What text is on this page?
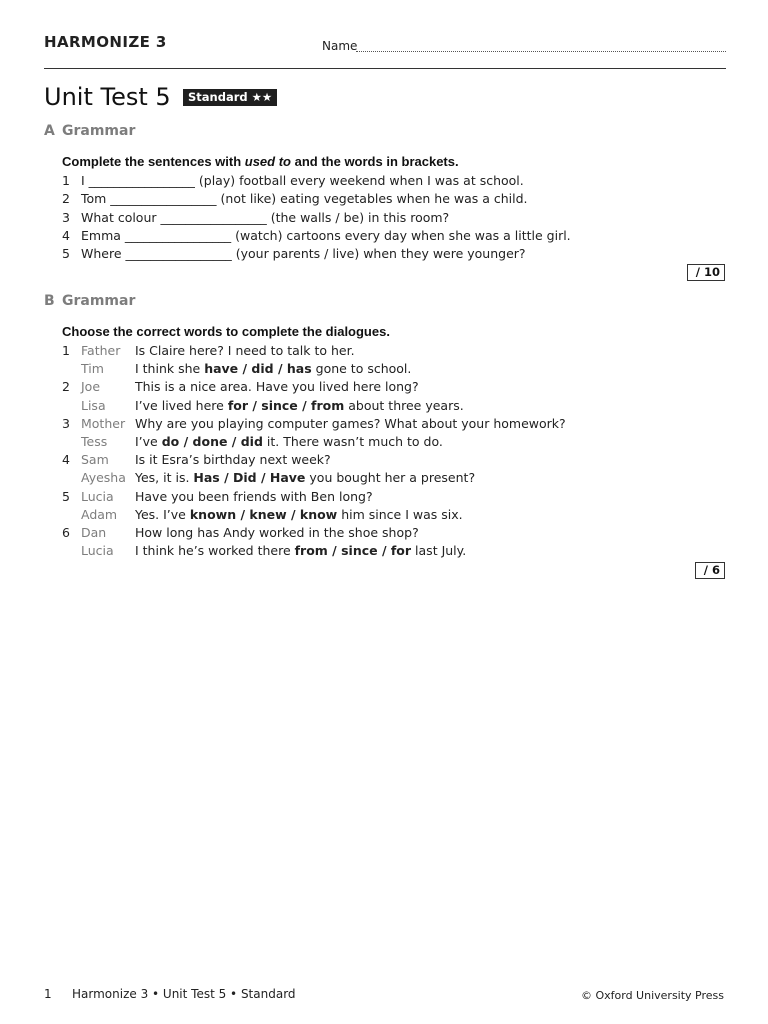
HARMONIZE 3	Name
Unit Test 5	Standard ★★
A Grammar
Complete the sentences with used to and the words in brackets.
1 I _________________ (play) football every weekend when I was at school.
2 Tom _________________ (not like) eating vegetables when he was a child.
3 What colour _________________ (the walls / be) in this room?
4 Emma _________________ (watch) cartoons every day when she was a little girl.
5 Where _________________ (your parents / live) when they were younger?
/ 10
B Grammar
Choose the correct words to complete the dialogues.
1 Father Is Claire here? I need to talk to her.
Tim I think she have / did / has gone to school.
2 Joe	This is a nice area. Have you lived here long?
Lisa I’ve lived here for / since / from about three years.
3 Mother Why are you playing computer games? What about your homework?
Tess I’ve do / done / did it. There wasn’t much to do.
4 Sam Is it Esra’s birthday next week?
Ayesha Yes, it is. Has / Did / Have you bought her a present?
5 Lucia Have you been friends with Ben long?
Adam Yes. I’ve known / knew / know him since I was six.
6 Dan How long has Andy worked in the shoe shop?
Lucia I think he’s worked there from / since / for last July.
/ 6
1 Harmonize 3 • Unit Test 5 • Standard	© Oxford University Press
